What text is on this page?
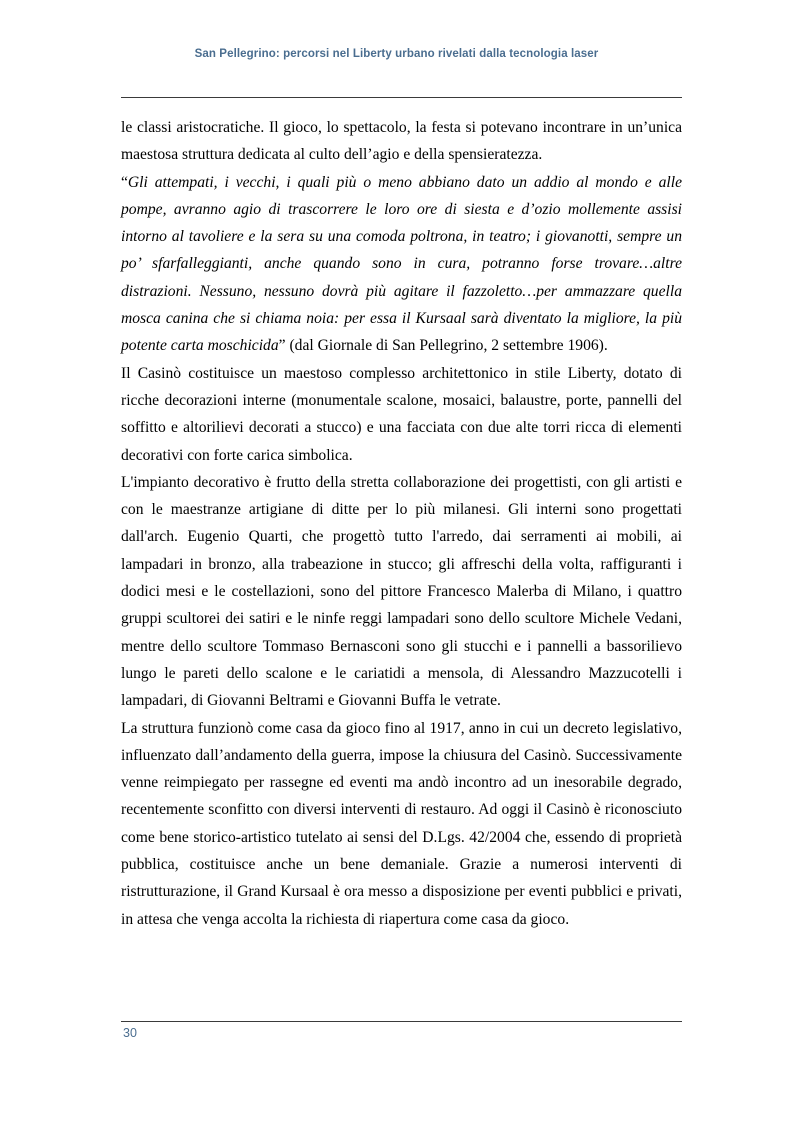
San Pellegrino: percorsi nel Liberty urbano rivelati dalla tecnologia laser

le classi aristocratiche. Il gioco, lo spettacolo, la festa si potevano incontrare in un’unica maestosa struttura dedicata al culto dell’agio e della spensieratezza.

“Gli attempati, i vecchi, i quali più o meno abbiano dato un addio al mondo e alle pompe, avranno agio di trascorrere le loro ore di siesta e d’ozio mollemente assisi intorno al tavoliere e la sera su una comoda poltrona, in teatro; i giovanotti, sempre un po’ sfarfalleggianti, anche quando sono in cura, potranno forse trovare…altre distrazioni. Nessuno, nessuno dovrà più agitare il fazzoletto…per ammazzare quella mosca canina che si chiama noia: per essa il Kursaal sarà diventato la migliore, la più potente carta moschicida” (dal Giornale di San Pellegrino, 2 settembre 1906).

Il Casinò costituisce un maestoso complesso architettonico in stile Liberty, dotato di ricche decorazioni interne (monumentale scalone, mosaici, balaustre, porte, pannelli del soffitto e altorilievi decorati a stucco) e una facciata con due alte torri ricca di elementi decorativi con forte carica simbolica.

L'impianto decorativo è frutto della stretta collaborazione dei progettisti, con gli artisti e con le maestranze artigiane di ditte per lo più milanesi. Gli interni sono progettati dall'arch. Eugenio Quarti, che progettò tutto l'arredo, dai serramenti ai mobili, ai lampadari in bronzo, alla trabeazione in stucco; gli affreschi della volta, raffiguranti i dodici mesi e le costellazioni, sono del pittore Francesco Malerba di Milano, i quattro gruppi scultorei dei satiri e le ninfe reggi lampadari sono dello scultore Michele Vedani, mentre dello scultore Tommaso Bernasconi sono gli stucchi e i pannelli a bassorilievo lungo le pareti dello scalone e le cariatidi a mensola, di Alessandro Mazzucotelli i lampadari, di Giovanni Beltrami e Giovanni Buffa le vetrate.

La struttura funzionò come casa da gioco fino al 1917, anno in cui un decreto legislativo, influenzato dall’andamento della guerra, impose la chiusura del Casinò. Successivamente venne reimpiegato per rassegne ed eventi ma andò incontro ad un inesorabile degrado, recentemente sconfitto con diversi interventi di restauro. Ad oggi il Casinò è riconosciuto come bene storico-artistico tutelato ai sensi del D.Lgs. 42/2004 che, essendo di proprietà pubblica, costituisce anche un bene demaniale. Grazie a numerosi interventi di ristrutturazione, il Grand Kursaal è ora messo a disposizione per eventi pubblici e privati, in attesa che venga accolta la richiesta di riapertura come casa da gioco.

30
